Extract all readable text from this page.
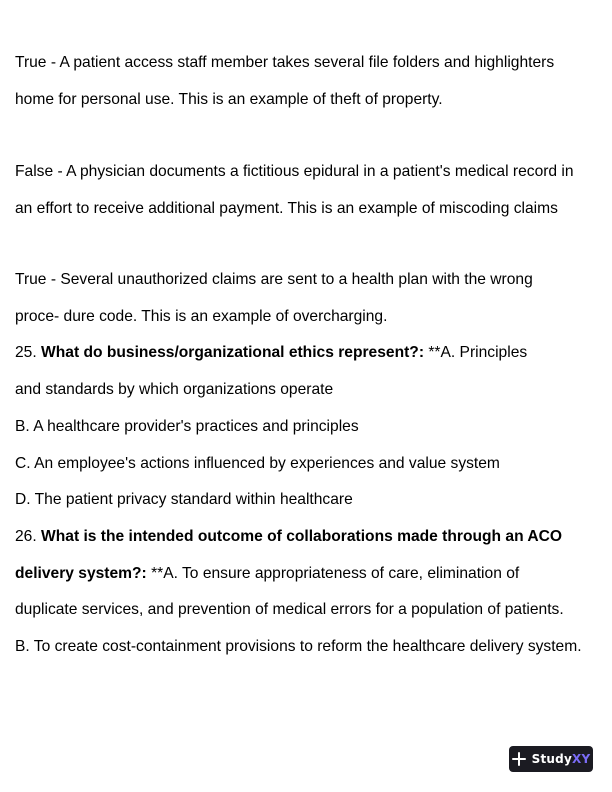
True - A patient access staff member takes several file folders and highlighters
home for personal use. This is an example of theft of property.
False - A physician documents a fictitious epidural in a patient's medical record in
an effort to receive additional payment. This is an example of miscoding claims
True - Several unauthorized claims are sent to a health plan with the wrong
proce- dure code. This is an example of overcharging.
25. What do business/organizational ethics represent?: **A. Principles
and standards by which organizations operate
B. A healthcare provider's practices and principles
C. An employee's actions influenced by experiences and value system
D. The patient privacy standard within healthcare
26. What is the intended outcome of collaborations made through an ACO
delivery system?: **A. To ensure appropriateness of care, elimination of
duplicate services, and prevention of medical errors for a population of patients.
B. To create cost-containment provisions to reform the healthcare delivery system.
StudyXY
